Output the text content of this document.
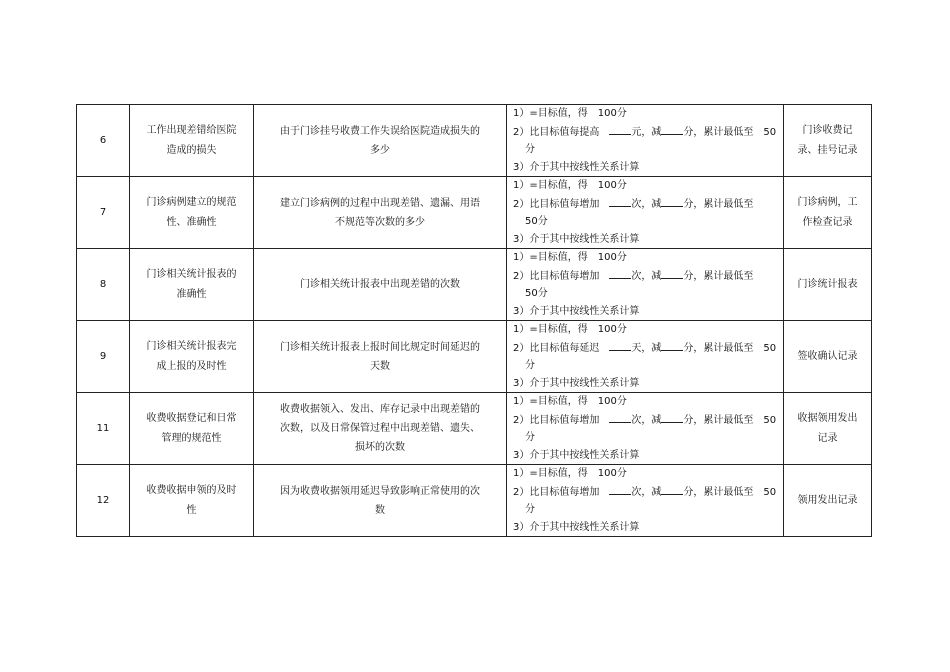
6	工作出现差错给医院
造成的损失	由于门诊挂号收费工作失误给医院造成损失的
多少	1）=目标值，得　100分
2）比目标值每提高　 元，减 分，累计最低至　50
分
3）介于其中按线性关系计算	门诊收费记
录、挂号记录

7	门诊病例建立的规范
性、准确性	建立门诊病例的过程中出现差错、遗漏、用语
不规范等次数的多少	1）=目标值，得　100分
2）比目标值每增加　 次，减 分，累计最低至
50分
3）介于其中按线性关系计算	门诊病例，工
作检查记录

8	门诊相关统计报表的
准确性	门诊相关统计报表中出现差错的次数	1）=目标值，得　100分
2）比目标值每增加　 次，减 分，累计最低至
50分
3）介于其中按线性关系计算	门诊统计报表

9	门诊相关统计报表完
成上报的及时性	门诊相关统计报表上报时间比规定时间延迟的
天数	1）=目标值，得　100分
2）比目标值每延迟　 天，减 分，累计最低至　50
分
3）介于其中按线性关系计算	签收确认记录

11	收费收据登记和日常
管理的规范性	收费收据领入、发出、库存记录中出现差错的
次数，以及日常保管过程中出现差错、遗失、
损坏的次数	1）=目标值，得　100分
2）比目标值每增加　 次，减 分，累计最低至　50
分
3）介于其中按线性关系计算	收据领用发出
记录

12	收费收据申领的及时
性	因为收费收据领用延迟导致影响正常使用的次
数	1）=目标值，得　100分
2）比目标值每增加　 次，减 分，累计最低至　50
分
3）介于其中按线性关系计算	领用发出记录
